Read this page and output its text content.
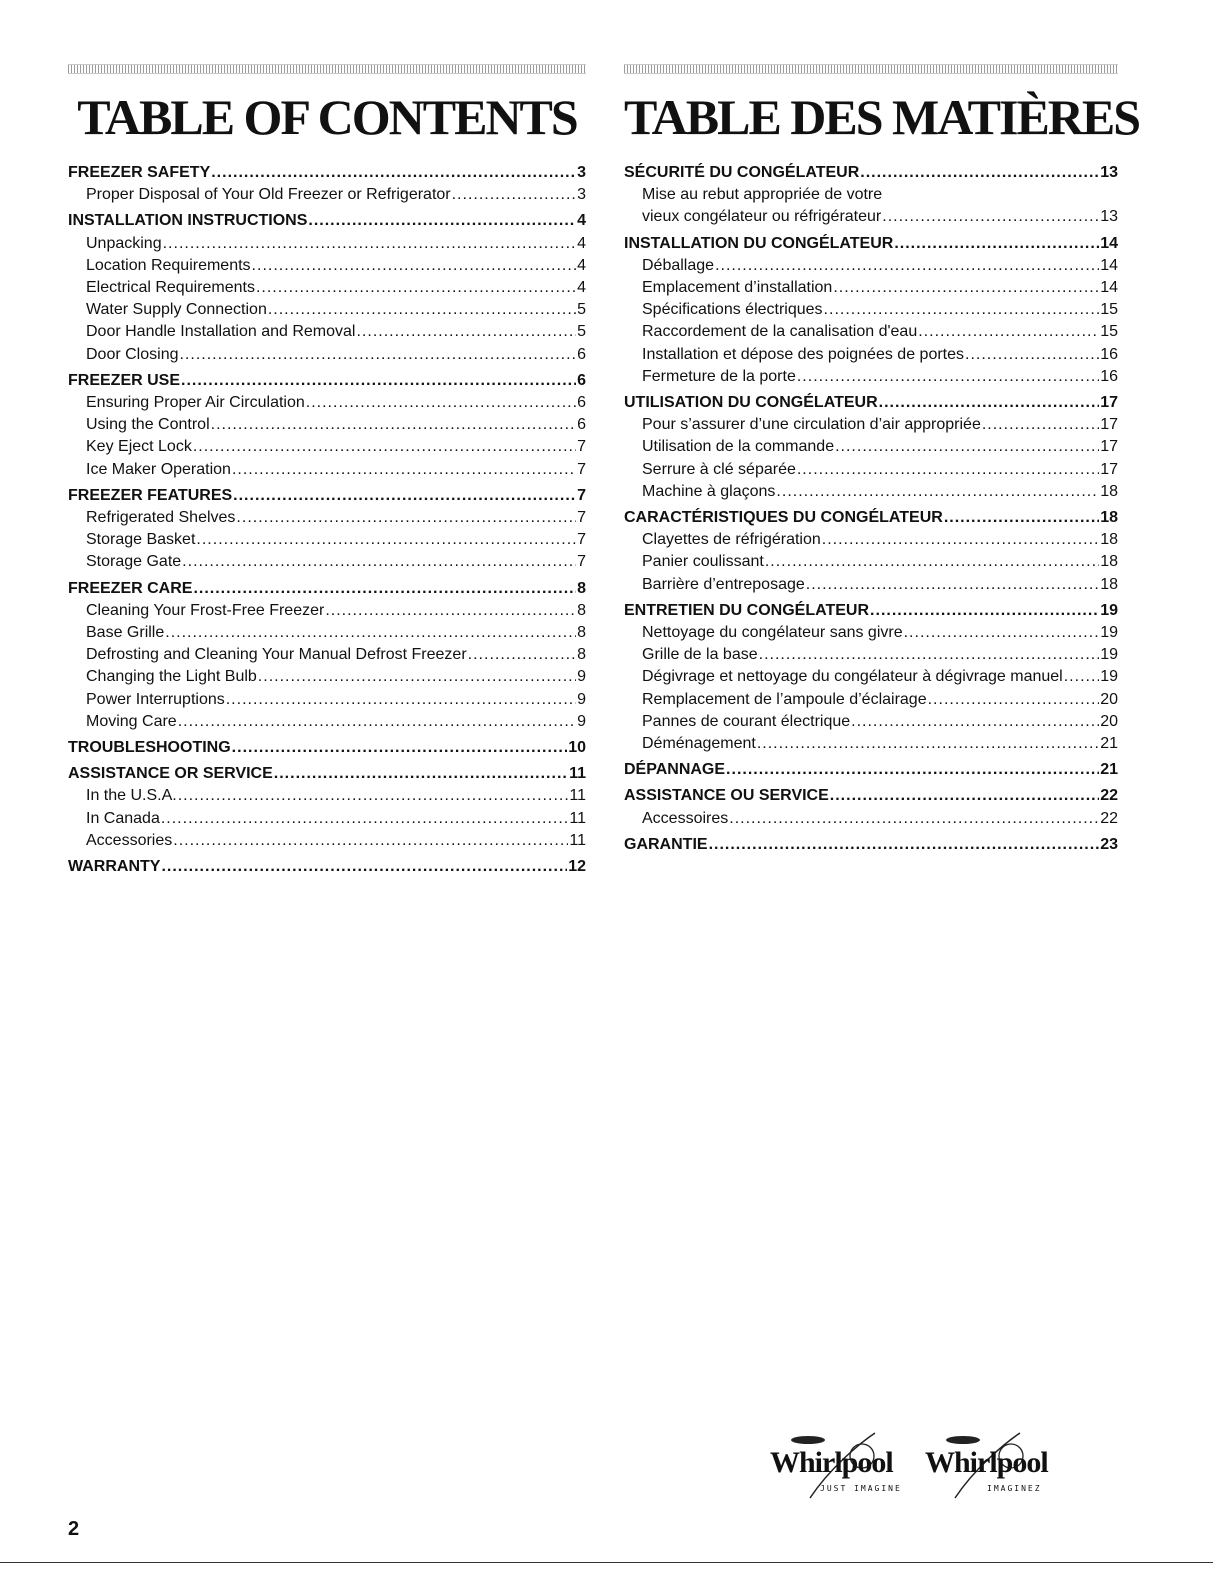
TABLE OF CONTENTS
FREEZER SAFETY .....	3
Proper Disposal of Your Old Freezer or Refrigerator .....	3
INSTALLATION INSTRUCTIONS .....	4
Unpacking .....	4
Location Requirements .....	4
Electrical Requirements .....	4
Water Supply Connection .....	5
Door Handle Installation and Removal .....	5
Door Closing .....	6
FREEZER USE .....	6
Ensuring Proper Air Circulation .....	6
Using the Control .....	6
Key Eject Lock .....	7
Ice Maker Operation .....	7
FREEZER FEATURES .....	7
Refrigerated Shelves .....	7
Storage Basket .....	7
Storage Gate .....	7
FREEZER CARE .....	8
Cleaning Your Frost-Free Freezer .....	8
Base Grille .....	8
Defrosting and Cleaning Your Manual Defrost Freezer .....	8
Changing the Light Bulb .....	9
Power Interruptions .....	9
Moving Care .....	9
TROUBLESHOOTING .....	10
ASSISTANCE OR SERVICE .....	11
In the U.S.A. .....	11
In Canada .....	11
Accessories .....	11
WARRANTY .....	12
TABLE DES MATIÈRES
SÉCURITÉ DU CONGÉLATEUR .....	13
Mise au rebut appropriée de votre
vieux congélateur ou réfrigérateur .....	13
INSTALLATION DU CONGÉLATEUR .....	14
Déballage .....	14
Emplacement d’installation .....	14
Spécifications électriques .....	15
Raccordement de la canalisation d'eau .....	15
Installation et dépose des poignées de portes .....	16
Fermeture de la porte .....	16
UTILISATION DU CONGÉLATEUR .....	17
Pour s’assurer d’une circulation d’air appropriée .....	17
Utilisation de la commande .....	17
Serrure à clé séparée .....	17
Machine à glaçons .....	18
CARACTÉRISTIQUES DU CONGÉLATEUR .....	18
Clayettes de réfrigération .....	18
Panier coulissant .....	18
Barrière d’entreposage .....	18
ENTRETIEN DU CONGÉLATEUR .....	19
Nettoyage du congélateur sans givre .....	19
Grille de la base .....	19
Dégivrage et nettoyage du congélateur à dégivrage manuel ..... 19
Remplacement de l’ampoule d’éclairage .....	20
Pannes de courant électrique .....	20
Déménagement .....	21
DÉPANNAGE .....	21
ASSISTANCE OU SERVICE .....	22
Accessoires .....	22
GARANTIE .....	23
Whirlpool
JUST IMAGINE
Whirlpool
IMAGINEZ
2
